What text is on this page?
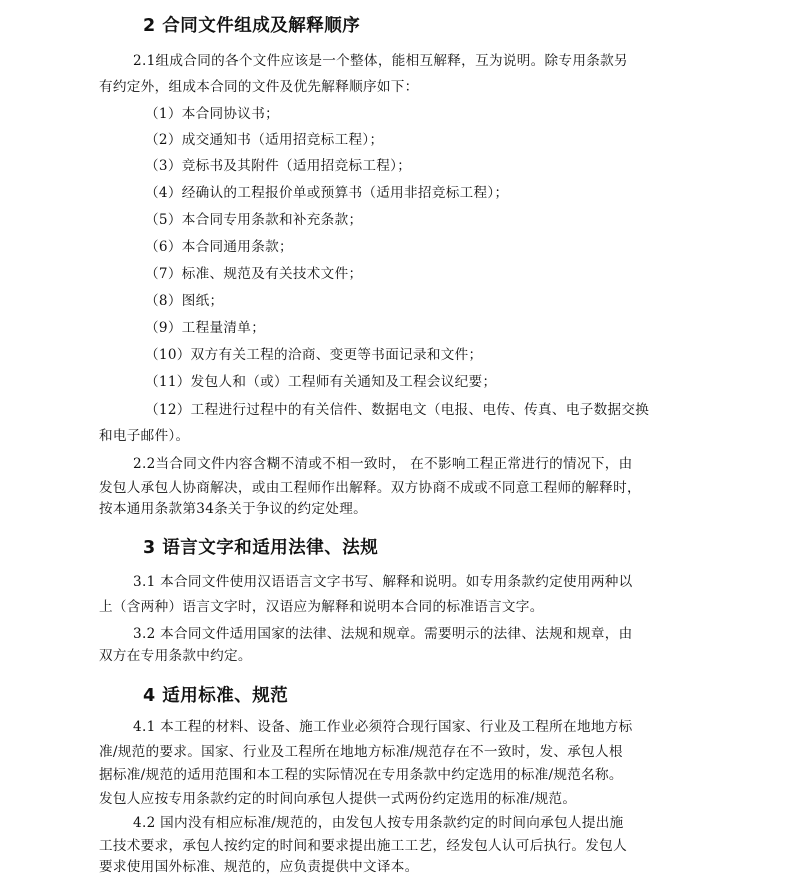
2 合同文件组成及解释顺序
2.1组成合同的各个文件应该是一个整体，能相互解释，互为说明。除专用条款另
有约定外，组成本合同的文件及优先解释顺序如下：
（1）本合同协议书；
（2）成交通知书（适用招竞标工程）；
（3）竞标书及其附件（适用招竞标工程）；
（4）经确认的工程报价单或预算书（适用非招竞标工程）；
（5）本合同专用条款和补充条款；
（6）本合同通用条款；
（7）标准、规范及有关技术文件；
（8）图纸；
（9）工程量清单；
（10）双方有关工程的洽商、变更等书面记录和文件；
（11）发包人和（或）工程师有关通知及工程会议纪要；
（12）工程进行过程中的有关信件、数据电文（电报、电传、传真、电子数据交换
和电子邮件）。
2.2当合同文件内容含糊不清或不相一致时， 在不影响工程正常进行的情况下，由
发包人承包人协商解决，或由工程师作出解释。双方协商不成或不同意工程师的解释时，
按本通用条款第34条关于争议的约定处理。
3 语言文字和适用法律、法规
3.1 本合同文件使用汉语语言文字书写、解释和说明。如专用条款约定使用两种以
上（含两种）语言文字时，汉语应为解释和说明本合同的标准语言文字。
3.2 本合同文件适用国家的法律、法规和规章。需要明示的法律、法规和规章，由
双方在专用条款中约定。
4 适用标准、规范
4.1 本工程的材料、设备、施工作业必须符合现行国家、行业及工程所在地地方标
准/规范的要求。国家、行业及工程所在地地方标准/规范存在不一致时，发、承包人根
据标准/规范的适用范围和本工程的实际情况在专用条款中约定选用的标准/规范名称。
发包人应按专用条款约定的时间向承包人提供一式两份约定选用的标准/规范。
4.2 国内没有相应标准/规范的，由发包人按专用条款约定的时间向承包人提出施
工技术要求，承包人按约定的时间和要求提出施工工艺，经发包人认可后执行。发包人
要求使用国外标准、规范的，应负责提供中文译本。
